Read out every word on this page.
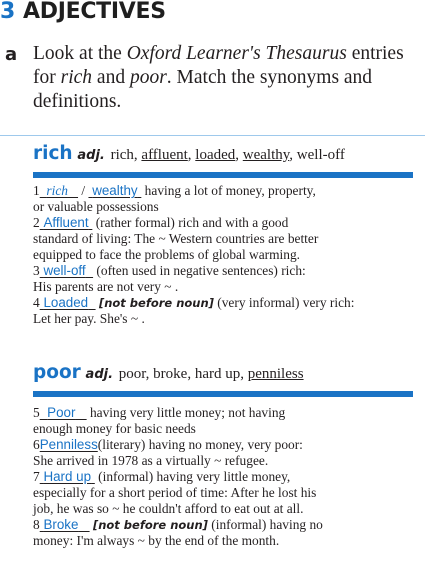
3 ADJECTIVES
a Look at the Oxford Learner's Thesaurus entries
for rich and poor. Match the synonyms and
definitions.
rich adj. rich, affluent, loaded, wealthy, well-off

1 rich    /  wealthy  having a lot of money, property,

or valuable possessions

2 Affluent  (rather formal) rich and with a good

standard of living: The ~ Western countries are better

equipped to face the problems of global warming.

3 well-off   (often used in negative sentences) rich:

His parents are not very ~ .

4 Loaded [not before noun] (very informal) very rich:

Let her pay. She's ~ .

poor adj. poor, broke, hard up, penniless

5 Poor    having very little money; not having

enough money for basic needs

6Penniless(literary) having no money, very poor:

She arrived in 1978 as a virtually ~ refugee.

7 Hard up  (informal) having very little money,

especially for a short period of time: After he lost his

job, he was so ~ he couldn't afford to eat out at all.

8 Broke [not before noun] (informal) having no

money: I'm always ~ by the end of the month.
